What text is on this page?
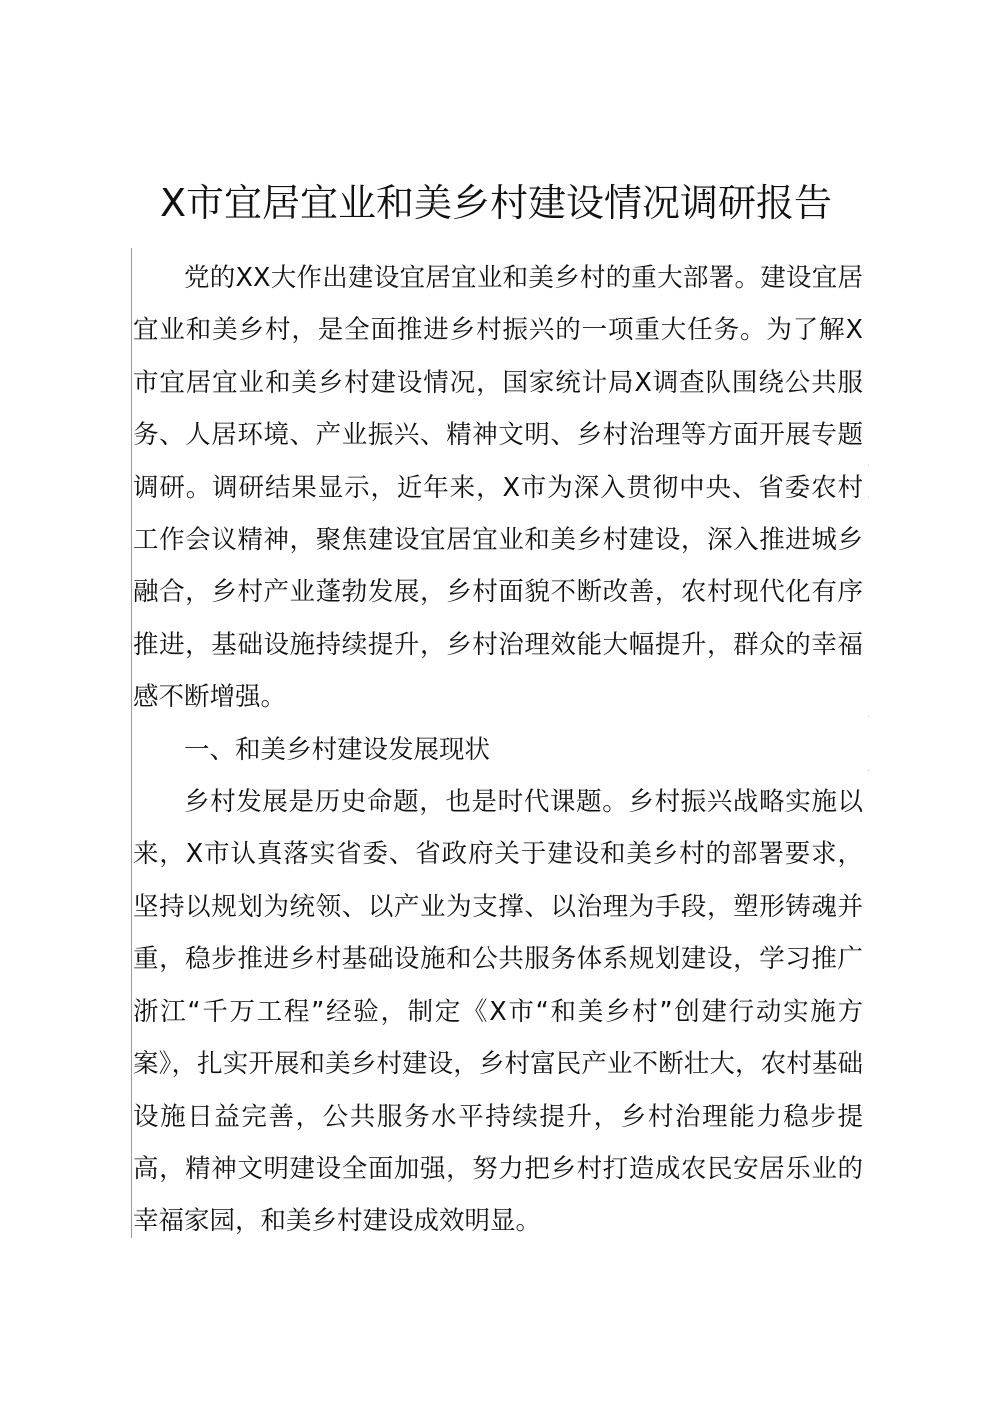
X市宜居宜业和美乡村建设情况调研报告

党的XX大作出建设宜居宜业和美乡村的重大部署。建设宜居宜业和美乡村，是全面推进乡村振兴的一项重大任务。为了解X市宜居宜业和美乡村建设情况，国家统计局X调查队围绕公共服务、人居环境、产业振兴、精神文明、乡村治理等方面开展专题调研。调研结果显示，近年来，X市为深入贯彻中央、省委农村工作会议精神，聚焦建设宜居宜业和美乡村建设，深入推进城乡融合，乡村产业蓬勃发展，乡村面貌不断改善，农村现代化有序推进，基础设施持续提升，乡村治理效能大幅提升，群众的幸福感不断增强。

一、和美乡村建设发展现状

乡村发展是历史命题，也是时代课题。乡村振兴战略实施以来，X市认真落实省委、省政府关于建设和美乡村的部署要求，坚持以规划为统领、以产业为支撑、以治理为手段，塑形铸魂并重，稳步推进乡村基础设施和公共服务体系规划建设，学习推广浙江“千万工程”经验，制定《X市“和美乡村”创建行动实施方案》，扎实开展和美乡村建设，乡村富民产业不断壮大，农村基础设施日益完善，公共服务水平持续提升，乡村治理能力稳步提高，精神文明建设全面加强，努力把乡村打造成农民安居乐业的幸福家园，和美乡村建设成效明显。

·
·
·
·
